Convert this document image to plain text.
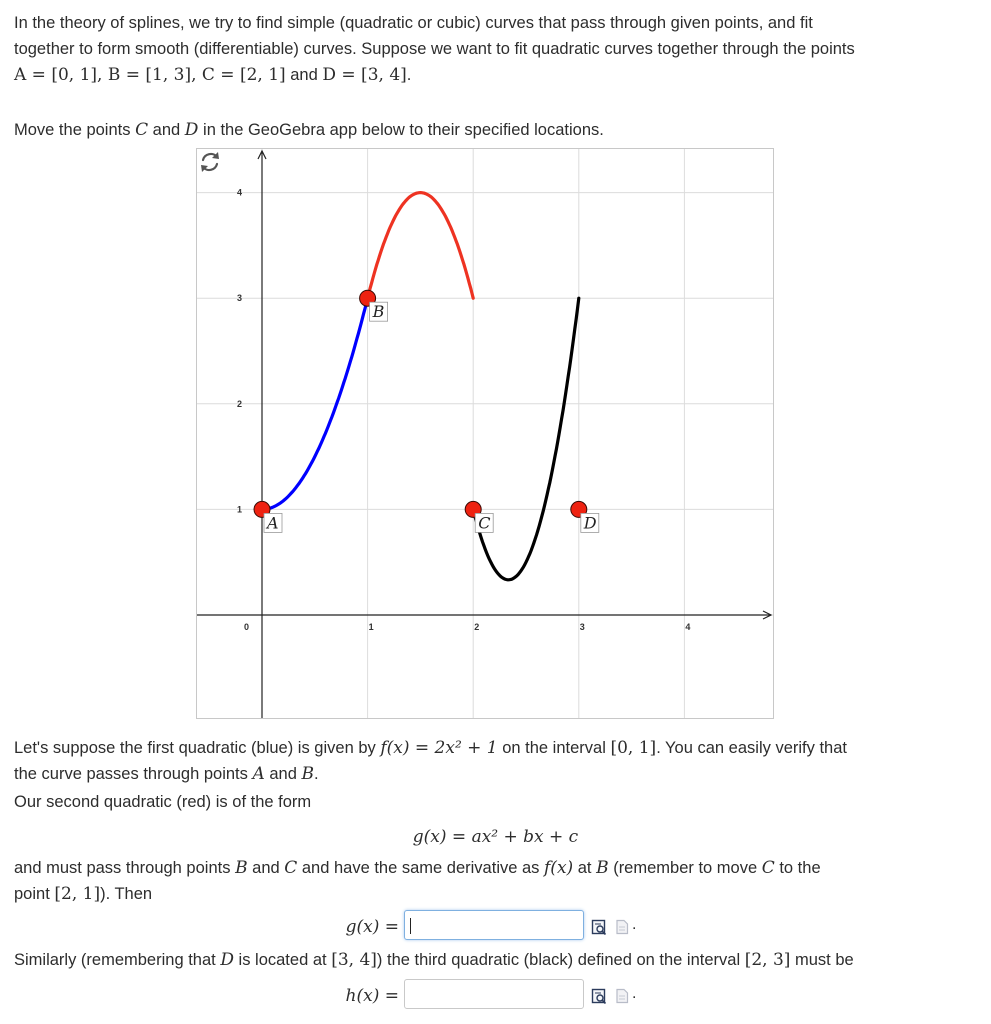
In the theory of splines, we try to find simple (quadratic or cubic) curves that pass through given points, and fit
together to form smooth (differentiable) curves. Suppose we want to fit quadratic curves together through the points
A = [0, 1], B = [1, 3], C = [2, 1] and D = [3, 4].
Move the points C and D in the GeoGebra app below to their specified locations.
0	1	2	3	4
1
2
3
4
A
B
C	D
Let's suppose the first quadratic (blue) is given by f(x) = 2x² + 1 on the interval [0, 1]. You can easily verify that
the curve passes through points A and B.
Our second quadratic (red) is of the form
g(x) = ax² + bx + c
and must pass through points B and C and have the same derivative as f(x) at B (remember to move C to the
point [2, 1]). Then
g(x) =	.
Similarly (remembering that D is located at [3, 4]) the third quadratic (black) defined on the interval [2, 3] must be
h(x) =	.
